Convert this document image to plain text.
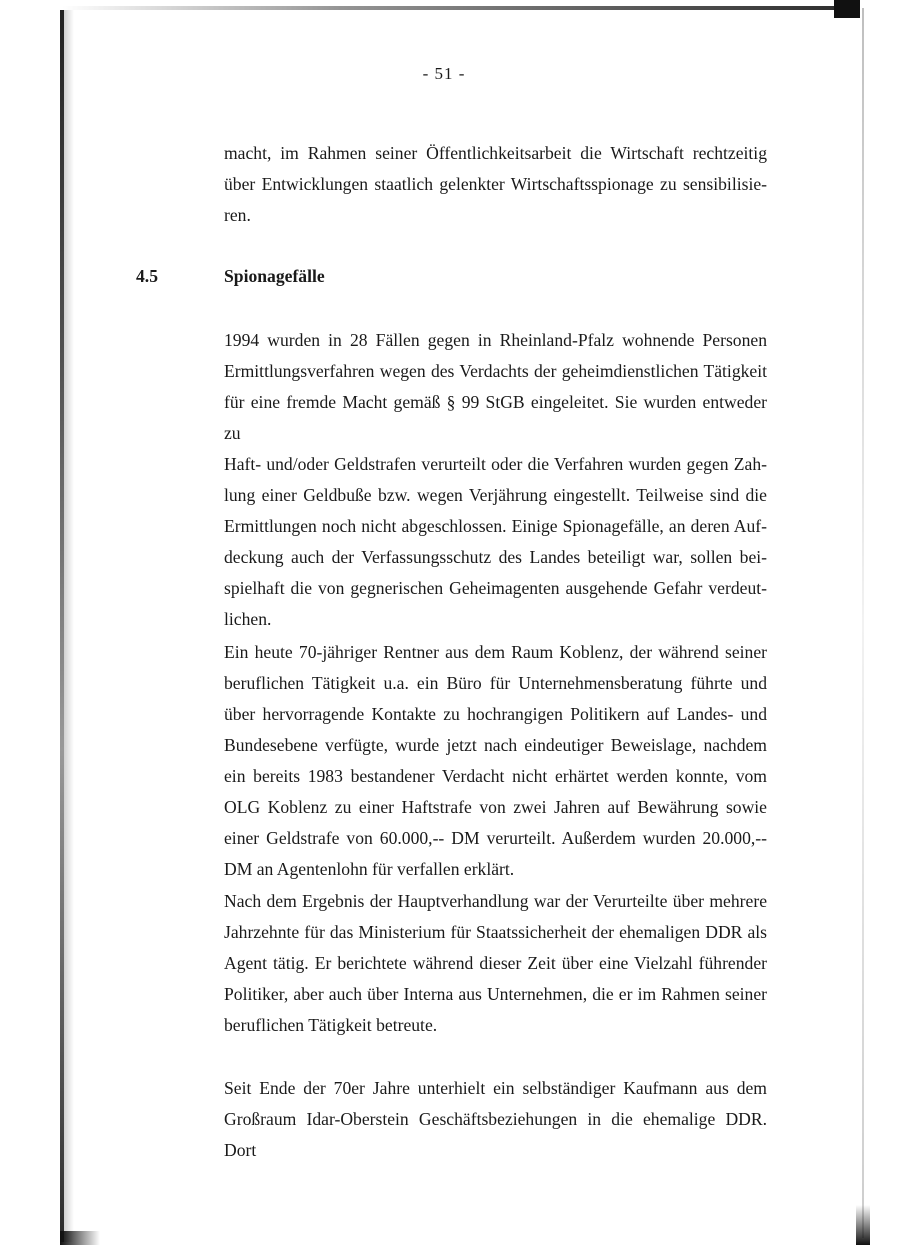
- 51 -
4.5	Spionagefälle

macht, im Rahmen seiner Öffentlichkeitsarbeit die Wirtschaft rechtzeitig

über Entwicklungen staatlich gelenkter Wirtschaftsspionage zu sensibilisie-

ren.

1994 wurden in 28 Fällen gegen in Rheinland-Pfalz wohnende Personen

Ermittlungsverfahren wegen des Verdachts der geheimdienstlichen Tätigkeit

für eine fremde Macht gemäß § 99 StGB eingeleitet. Sie wurden entweder zu

Haft- und/oder Geldstrafen verurteilt oder die Verfahren wurden gegen Zah-

lung einer Geldbuße bzw. wegen Verjährung eingestellt. Teilweise sind die

Ermittlungen noch nicht abgeschlossen. Einige Spionagefälle, an deren Auf-

deckung auch der Verfassungsschutz des Landes beteiligt war, sollen bei-

spielhaft die von gegnerischen Geheimagenten ausgehende Gefahr verdeut-

lichen.

Ein heute 70-jähriger Rentner aus dem Raum Koblenz, der während seiner

beruflichen Tätigkeit u.a. ein Büro für Unternehmensberatung führte und

über hervorragende Kontakte zu hochrangigen Politikern auf Landes- und

Bundesebene verfügte, wurde jetzt nach eindeutiger Beweislage, nachdem

ein bereits 1983 bestandener Verdacht nicht erhärtet werden konnte, vom

OLG Koblenz zu einer Haftstrafe von zwei Jahren auf Bewährung sowie

einer Geldstrafe von 60.000,-- DM verurteilt. Außerdem wurden 20.000,--

DM an Agentenlohn für verfallen erklärt.

Nach dem Ergebnis der Hauptverhandlung war der Verurteilte über mehrere

Jahrzehnte für das Ministerium für Staatssicherheit der ehemaligen DDR als

Agent tätig. Er berichtete während dieser Zeit über eine Vielzahl führender

Politiker, aber auch über Interna aus Unternehmen, die er im Rahmen seiner

beruflichen Tätigkeit betreute.

Seit Ende der 70er Jahre unterhielt ein selbständiger Kaufmann aus dem

Großraum Idar-Oberstein Geschäftsbeziehungen in die ehemalige DDR. Dort
